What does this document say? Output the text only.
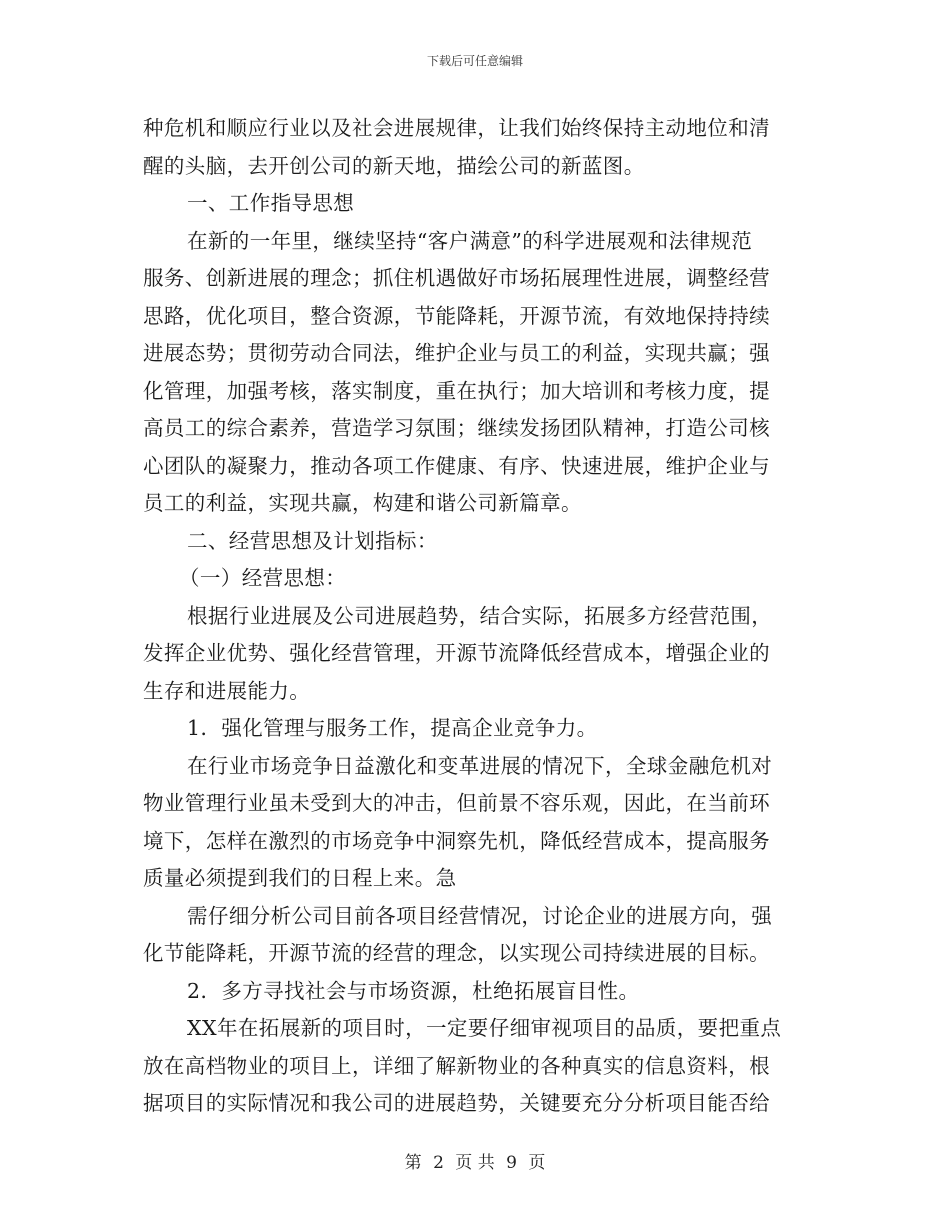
下载后可任意编辑
种危机和顺应行业以及社会进展规律，让我们始终保持主动地位和清
醒的头脑，去开创公司的新天地，描绘公司的新蓝图。
一、工作指导思想
在新的一年里，继续坚持“客户满意”的科学进展观和法律规范
服务、创新进展的理念；抓住机遇做好市场拓展理性进展，调整经营
思路，优化项目，整合资源，节能降耗，开源节流，有效地保持持续
进展态势；贯彻劳动合同法，维护企业与员工的利益，实现共赢；强
化管理，加强考核，落实制度，重在执行；加大培训和考核力度，提
高员工的综合素养，营造学习氛围；继续发扬团队精神，打造公司核
心团队的凝聚力，推动各项工作健康、有序、快速进展，维护企业与
员工的利益，实现共赢，构建和谐公司新篇章。
二、经营思想及计划指标：
（一）经营思想：
根据行业进展及公司进展趋势，结合实际，拓展多方经营范围，
发挥企业优势、强化经营管理，开源节流降低经营成本，增强企业的
生存和进展能力。
1．强化管理与服务工作，提高企业竞争力。
在行业市场竞争日益激化和变革进展的情况下，全球金融危机对
物业管理行业虽未受到大的冲击，但前景不容乐观，因此，在当前环
境下，怎样在激烈的市场竞争中洞察先机，降低经营成本，提高服务
质量必须提到我们的日程上来。急
需仔细分析公司目前各项目经营情况，讨论企业的进展方向，强
化节能降耗，开源节流的经营的理念，以实现公司持续进展的目标。
2．多方寻找社会与市场资源，杜绝拓展盲目性。
XX年在拓展新的项目时，一定要仔细审视项目的品质，要把重点
放在高档物业的项目上，详细了解新物业的各种真实的信息资料，根
据项目的实际情况和我公司的进展趋势，关键要充分分析项目能否给
第 2 页 共 9 页
